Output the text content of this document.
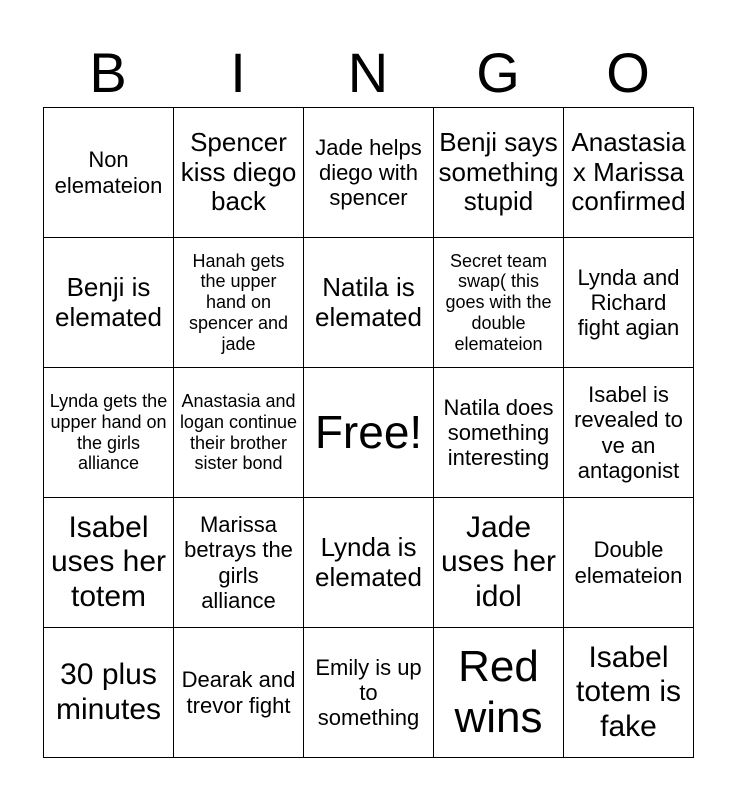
B	I	N	G	O
Non elemateion	Spencer kiss diego back	Jade helps diego with spencer	Benji says something stupid	Anastasia x Marissa confirmed
Benji is elemated	Hanah gets the upper hand on spencer and jade	Natila is elemated	Secret team swap( this goes with the double elemateion	Lynda and Richard fight agian
Lynda gets the upper hand on the girls alliance	Anastasia and logan continue their brother sister bond	Free!	Natila does something interesting	Isabel is revealed to ve an antagonist
Isabel uses her totem	Marissa betrays the girls alliance	Lynda is elemated	Jade uses her idol	Double elemateion
30 plus minutes	Dearak and trevor fight	Emily is up to something	Red wins	Isabel totem is fake
